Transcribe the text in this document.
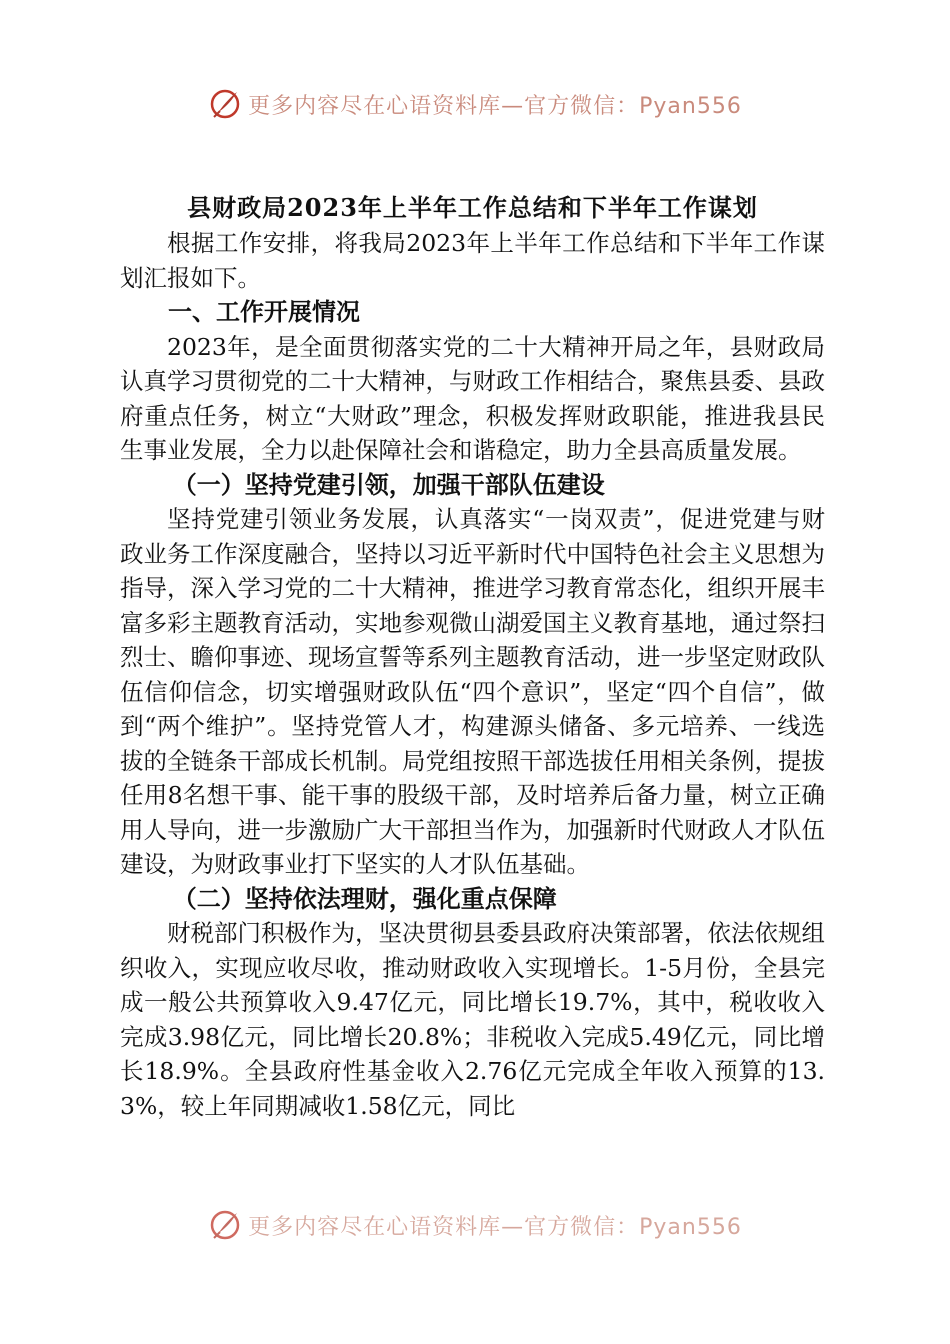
更多内容尽在心语资料库—官方微信：Pyan556
县财政局2023年上半年工作总结和下半年工作谋划

根据工作安排，将我局2023年上半年工作总结和下半年工作谋划汇报如下。

一、工作开展情况

2023年，是全面贯彻落实党的二十大精神开局之年，县财政局认真学习贯彻党的二十大精神，与财政工作相结合，聚焦县委、县政府重点任务，树立“大财政”理念，积极发挥财政职能，推进我县民生事业发展，全力以赴保障社会和谐稳定，助力全县高质量发展。

（一）坚持党建引领，加强干部队伍建设

坚持党建引领业务发展，认真落实“一岗双责”，促进党建与财政业务工作深度融合，坚持以习近平新时代中国特色社会主义思想为指导，深入学习党的二十大精神，推进学习教育常态化，组织开展丰富多彩主题教育活动，实地参观微山湖爱国主义教育基地，通过祭扫烈士、瞻仰事迹、现场宣誓等系列主题教育活动，进一步坚定财政队伍信仰信念，切实增强财政队伍“四个意识”，坚定“四个自信”，做到“两个维护”。坚持党管人才，构建源头储备、多元培养、一线选拔的全链条干部成长机制。局党组按照干部选拔任用相关条例，提拔任用8名想干事、能干事的股级干部，及时培养后备力量，树立正确用人导向，进一步激励广大干部担当作为，加强新时代财政人才队伍建设，为财政事业打下坚实的人才队伍基础。

（二）坚持依法理财，强化重点保障

财税部门积极作为，坚决贯彻县委县政府决策部署，依法依规组织收入，实现应收尽收，推动财政收入实现增长。1-5月份，全县完成一般公共预算收入9.47亿元，同比增长19.7%，其中，税收收入完成3.98亿元，同比增长20.8%；非税收入完成5.49亿元，同比增长18.9%。全县政府性基金收入2.76亿元完成全年收入预算的13.3%，较上年同期减收1.58亿元，同比

更多内容尽在心语资料库—官方微信：Pyan556
